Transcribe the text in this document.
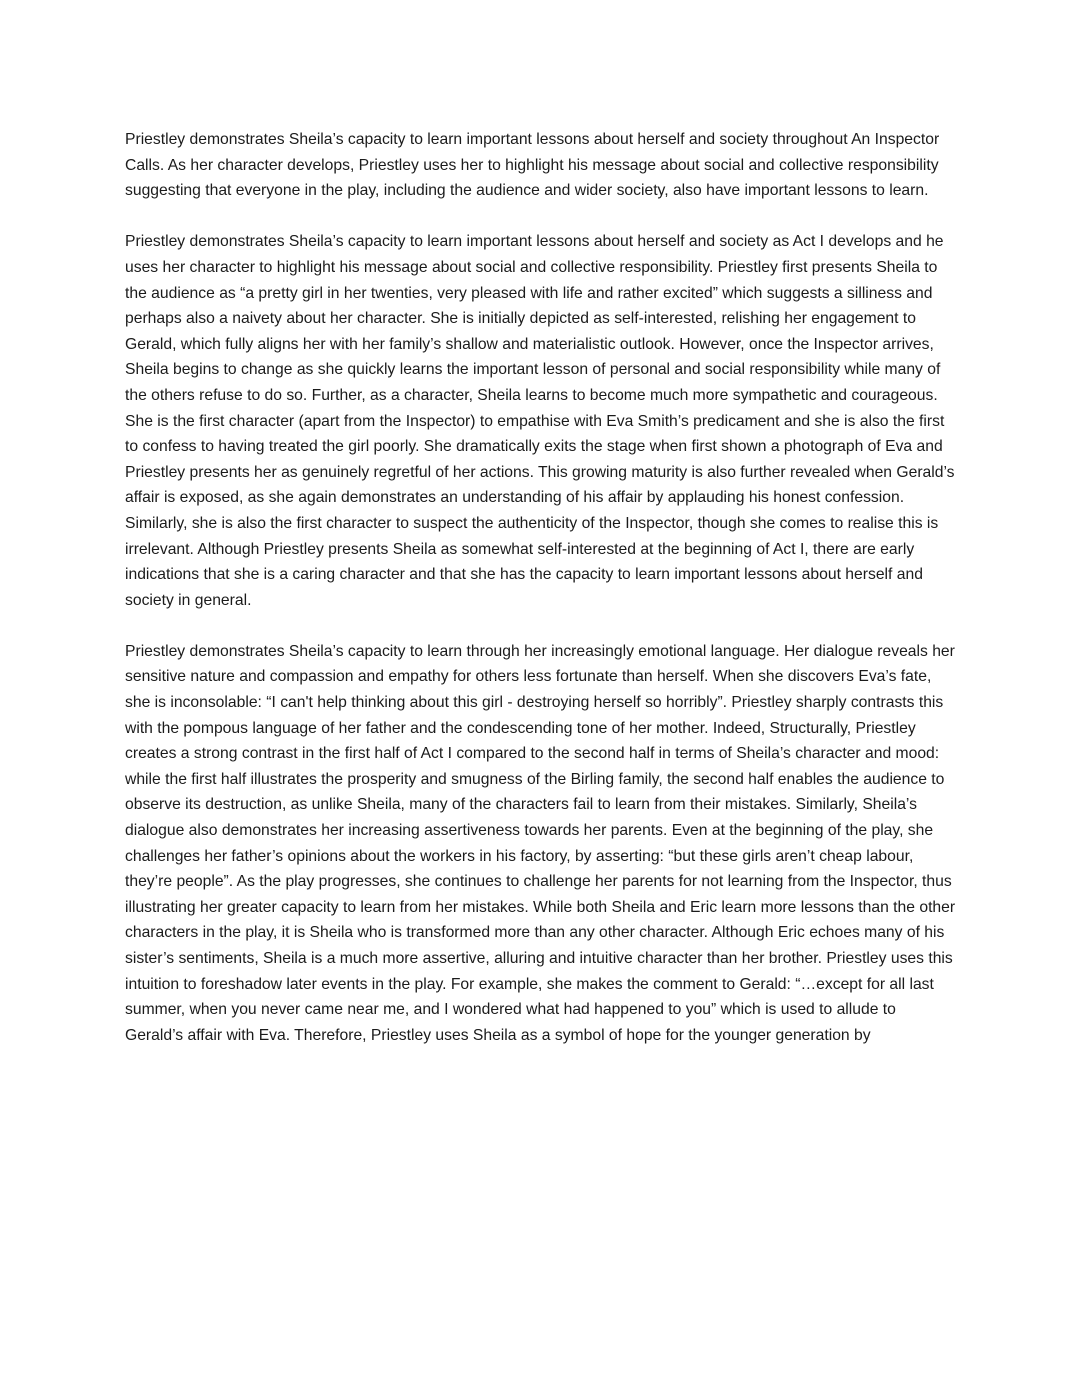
Priestley demonstrates Sheila’s capacity to learn important lessons about herself and society throughout An Inspector Calls. As her character develops, Priestley uses her to highlight his message about social and collective responsibility suggesting that everyone in the play, including the audience and wider society, also have important lessons to learn.

Priestley demonstrates Sheila’s capacity to learn important lessons about herself and society as Act I develops and he uses her character to highlight his message about social and collective responsibility. Priestley first presents Sheila to the audience as “a pretty girl in her twenties, very pleased with life and rather excited” which suggests a silliness and perhaps also a naivety about her character. She is initially depicted as self-interested, relishing her engagement to Gerald, which fully aligns her with her family’s shallow and materialistic outlook. However, once the Inspector arrives, Sheila begins to change as she quickly learns the important lesson of personal and social responsibility while many of the others refuse to do so. Further, as a character, Sheila learns to become much more sympathetic and courageous. She is the first character (apart from the Inspector) to empathise with Eva Smith’s predicament and she is also the first to confess to having treated the girl poorly. She dramatically exits the stage when first shown a photograph of Eva and Priestley presents her as genuinely regretful of her actions. This growing maturity is also further revealed when Gerald’s affair is exposed, as she again demonstrates an understanding of his affair by applauding his honest confession. Similarly, she is also the first character to suspect the authenticity of the Inspector, though she comes to realise this is irrelevant. Although Priestley presents Sheila as somewhat self-interested at the beginning of Act I, there are early indications that she is a caring character and that she has the capacity to learn important lessons about herself and society in general.

Priestley demonstrates Sheila’s capacity to learn through her increasingly emotional language. Her dialogue reveals her sensitive nature and compassion and empathy for others less fortunate than herself. When she discovers Eva’s fate, she is inconsolable: “I can't help thinking about this girl - destroying herself so horribly”. Priestley sharply contrasts this with the pompous language of her father and the condescending tone of her mother. Indeed, Structurally, Priestley creates a strong contrast in the first half of Act I compared to the second half in terms of Sheila’s character and mood: while the first half illustrates the prosperity and smugness of the Birling family, the second half enables the audience to observe its destruction, as unlike Sheila, many of the characters fail to learn from their mistakes. Similarly, Sheila’s dialogue also demonstrates her increasing assertiveness towards her parents. Even at the beginning of the play, she challenges her father’s opinions about the workers in his factory, by asserting: “but these girls aren’t cheap labour, they’re people”. As the play progresses, she continues to challenge her parents for not learning from the Inspector, thus illustrating her greater capacity to learn from her mistakes. While both Sheila and Eric learn more lessons than the other characters in the play, it is Sheila who is transformed more than any other character. Although Eric echoes many of his sister’s sentiments, Sheila is a much more assertive, alluring and intuitive character than her brother. Priestley uses this intuition to foreshadow later events in the play. For example, she makes the comment to Gerald: “…except for all last summer, when you never came near me, and I wondered what had happened to you” which is used to allude to Gerald’s affair with Eva. Therefore, Priestley uses Sheila as a symbol of hope for the younger generation by
